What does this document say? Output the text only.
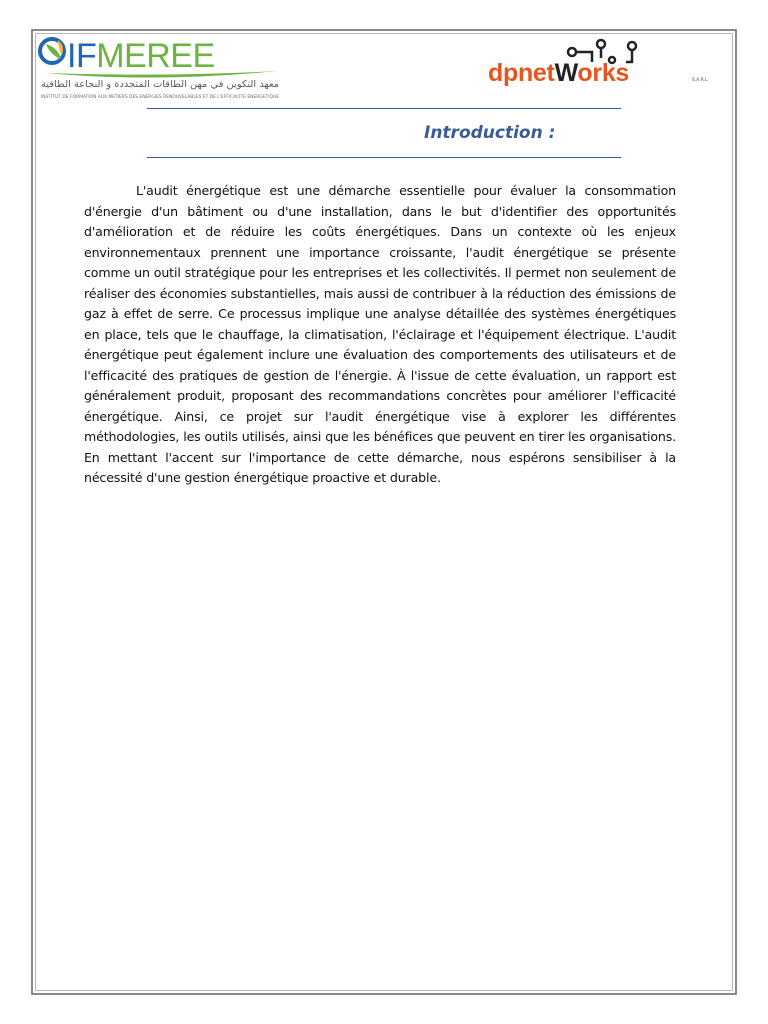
IFMEREE
معهد التكوين في مهن الطاقات المتجددة و النجاعة الطاقية
INSTITUT DE FORMATION AUX METIERS DES ENERGIES RENOUVELABLES ET DE L'EFFICACITE ENERGETIQUE
dpnetWorks	S.A.R.L
Introduction :

L'audit énergétique est une démarche essentielle pour évaluer la consommation d'énergie d'un bâtiment ou d'une installation, dans le but d'identifier des opportunités d'amélioration et de réduire les coûts énergétiques. Dans un contexte où les enjeux environnementaux prennent une importance croissante, l'audit énergétique se présente comme un outil stratégique pour les entreprises et les collectivités. Il permet non seulement de réaliser des économies substantielles, mais aussi de contribuer à la réduction des émissions de gaz à effet de serre. Ce processus implique une analyse détaillée des systèmes énergétiques en place, tels que le chauffage, la climatisation, l'éclairage et l'équipement électrique. L'audit énergétique peut également inclure une évaluation des comportements des utilisateurs et de l'efficacité des pratiques de gestion de l'énergie. À l'issue de cette évaluation, un rapport est généralement produit, proposant des recommandations concrètes pour améliorer l'efficacité énergétique. Ainsi, ce projet sur l'audit énergétique vise à explorer les différentes méthodologies, les outils utilisés, ainsi que les bénéfices que peuvent en tirer les organisations. En mettant l'accent sur l'importance de cette démarche, nous espérons sensibiliser à la nécessité d'une gestion énergétique proactive et durable.
